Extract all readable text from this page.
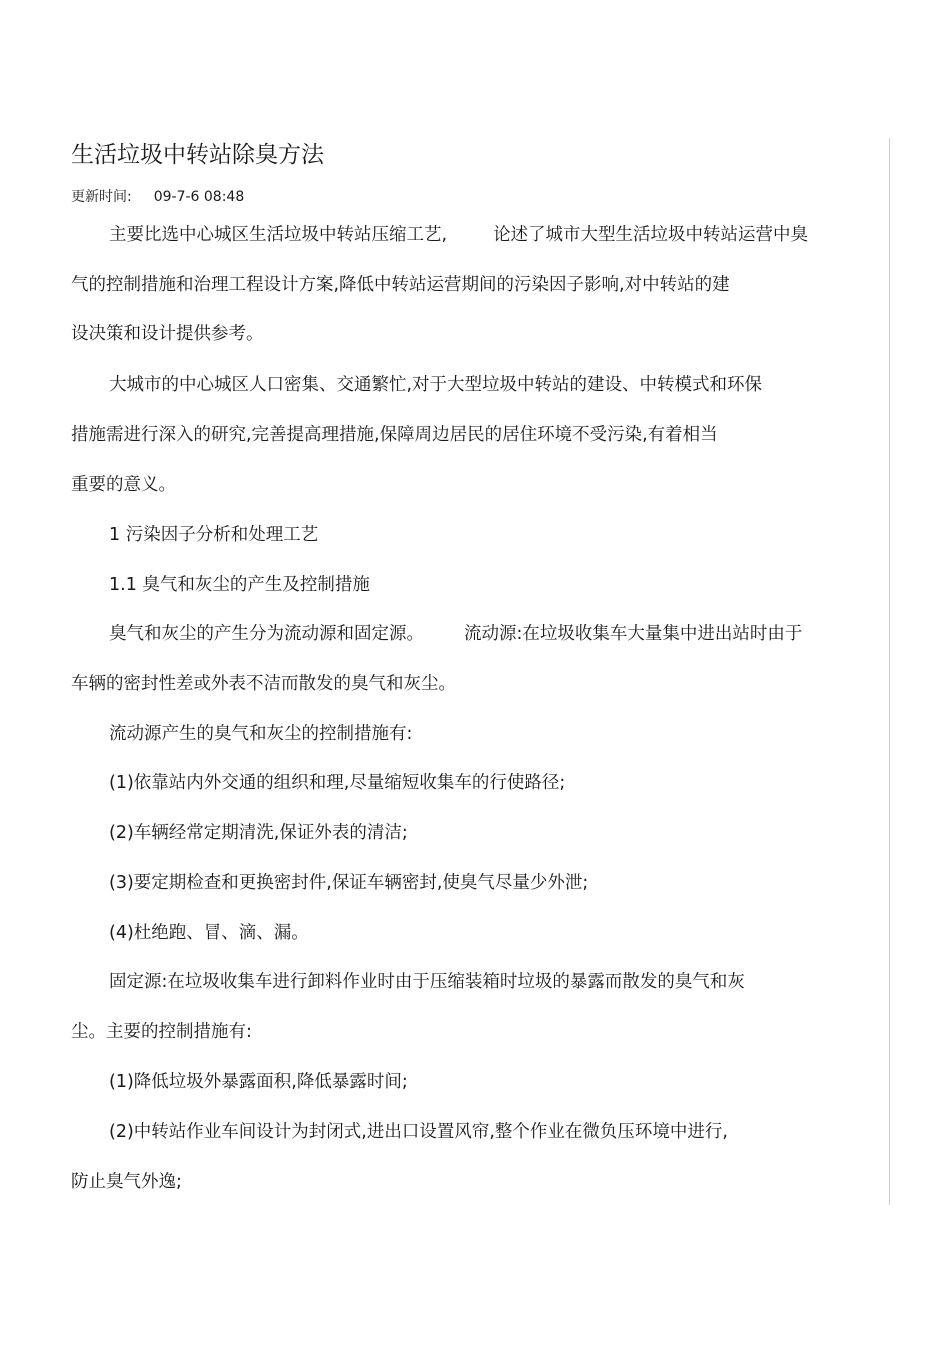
生活垃圾中转站除臭方法
更新时间: 09-7-6 08:48
主要比选中心城区生活垃圾中转站压缩工艺,	论述了城市大型生活垃圾中转站运营中臭
气的控制措施和治理工程设计方案,降低中转站运营期间的污染因子影响,对中转站的建
设决策和设计提供参考。
大城市的中心城区人口密集、交通繁忙,对于大型垃圾中转站的建设、中转模式和环保
措施需进行深入的研究,完善提高理措施,保障周边居民的居住环境不受污染,有着相当
重要的意义。
1 污染因子分析和处理工艺
1.1 臭气和灰尘的产生及控制措施
臭气和灰尘的产生分为流动源和固定源。 流动源:在垃圾收集车大量集中进出站时由于
车辆的密封性差或外表不洁而散发的臭气和灰尘。
流动源产生的臭气和灰尘的控制措施有:
(1)依靠站内外交通的组织和理,尽量缩短收集车的行使路径;
(2)车辆经常定期清洗,保证外表的清洁;
(3)要定期检查和更换密封件,保证车辆密封,使臭气尽量少外泄;
(4)杜绝跑、冒、滴、漏。
固定源:在垃圾收集车进行卸料作业时由于压缩装箱时垃圾的暴露而散发的臭气和灰
尘。主要的控制措施有:
(1)降低垃圾外暴露面积,降低暴露时间;
(2)中转站作业车间设计为封闭式,进出口设置风帘,整个作业在微负压环境中进行,
防止臭气外逸;
